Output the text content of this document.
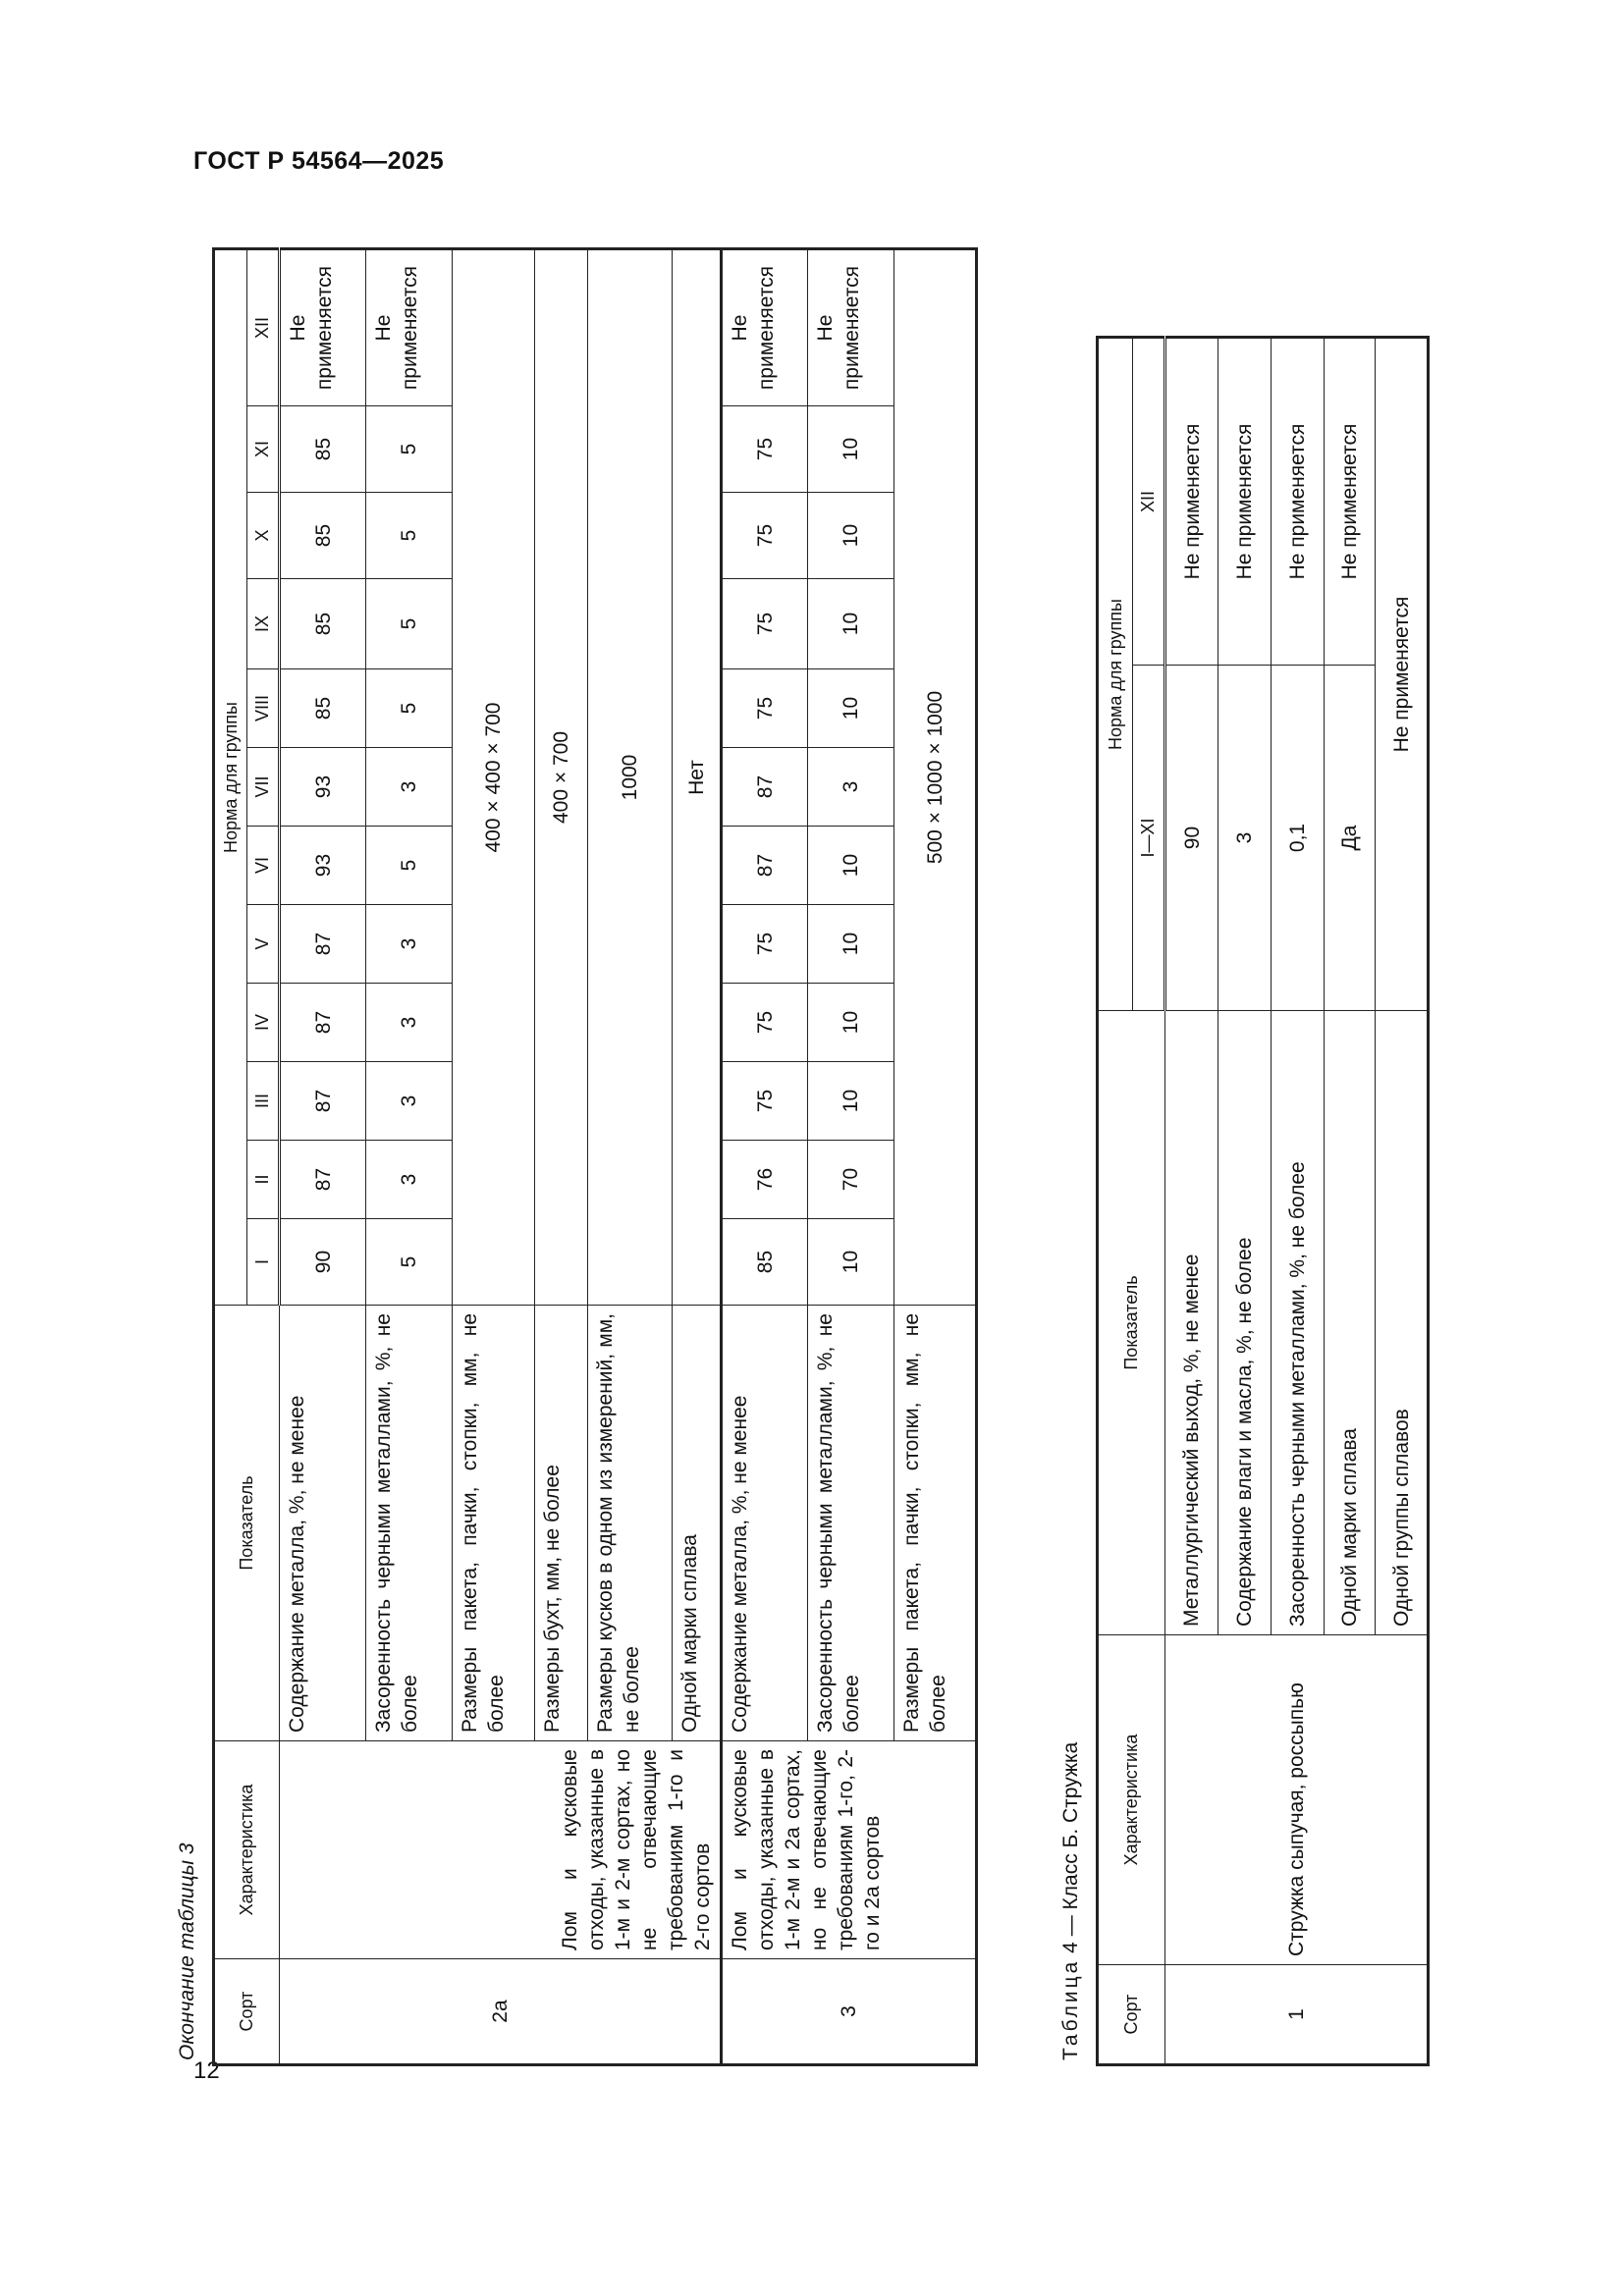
ГОСТ Р 54564—2025
12
Окончание таблицы 3 Сорт	Характеристика	Показатель	Норма для группы											
			I	II	III	IV	V	VI	VII	VIII	IX	X	XI	XII
2а	Лом и кусковые отходы, указанные в 1-м и 2-м сортах, но не отвечающие требованиям 1-го и 2-го сортов	Содержание металла, %, не менее	90	87	87	87	87	93	93	85	85	85	85	Не применяется
		Засоренность черными металлами, %, не более	5	3	3	3	3	5	3	5	5	5	5	Не применяется
		Размеры пакета, пачки, стопки, мм, не более	400 × 400 × 700											
		Размеры бухт, мм, не более	400 × 700											
		Размеры кусков в одном из измерений, мм, не более	1000											
		Одной марки сплава	Нет											
3	Лом и кусковые отходы, указанные в 1-м 2-м и 2а сортах, но не отвечающие требованиям 1-го, 2-го и 2а сортов	Содержание металла, %, не менее	85	76	75	75	75	87	87	75	75	75	75	Не применяется
		Засоренность черными металлами, %, не более	10	70	10	10	10	10	3	10	10	10	10	Не применяется
		Размеры пакета, пачки, стопки, мм, не более	500 × 1000 × 1000											
Таблица 4 — Класс Б. Стружка
Сорт	Характеристика	Показатель	Норма для группы	
			I—XI	XII
1	Стружка сыпучая, россыпью	Металлургический выход, %, не менее	90	Не применяется
		Содержание влаги и масла, %, не более	3	Не применяется
		Засоренность черными металлами, %, не более	0,1	Не применяется
		Одной марки сплава	Да	Не применяется
		Одной группы сплавов	Не применяется	
